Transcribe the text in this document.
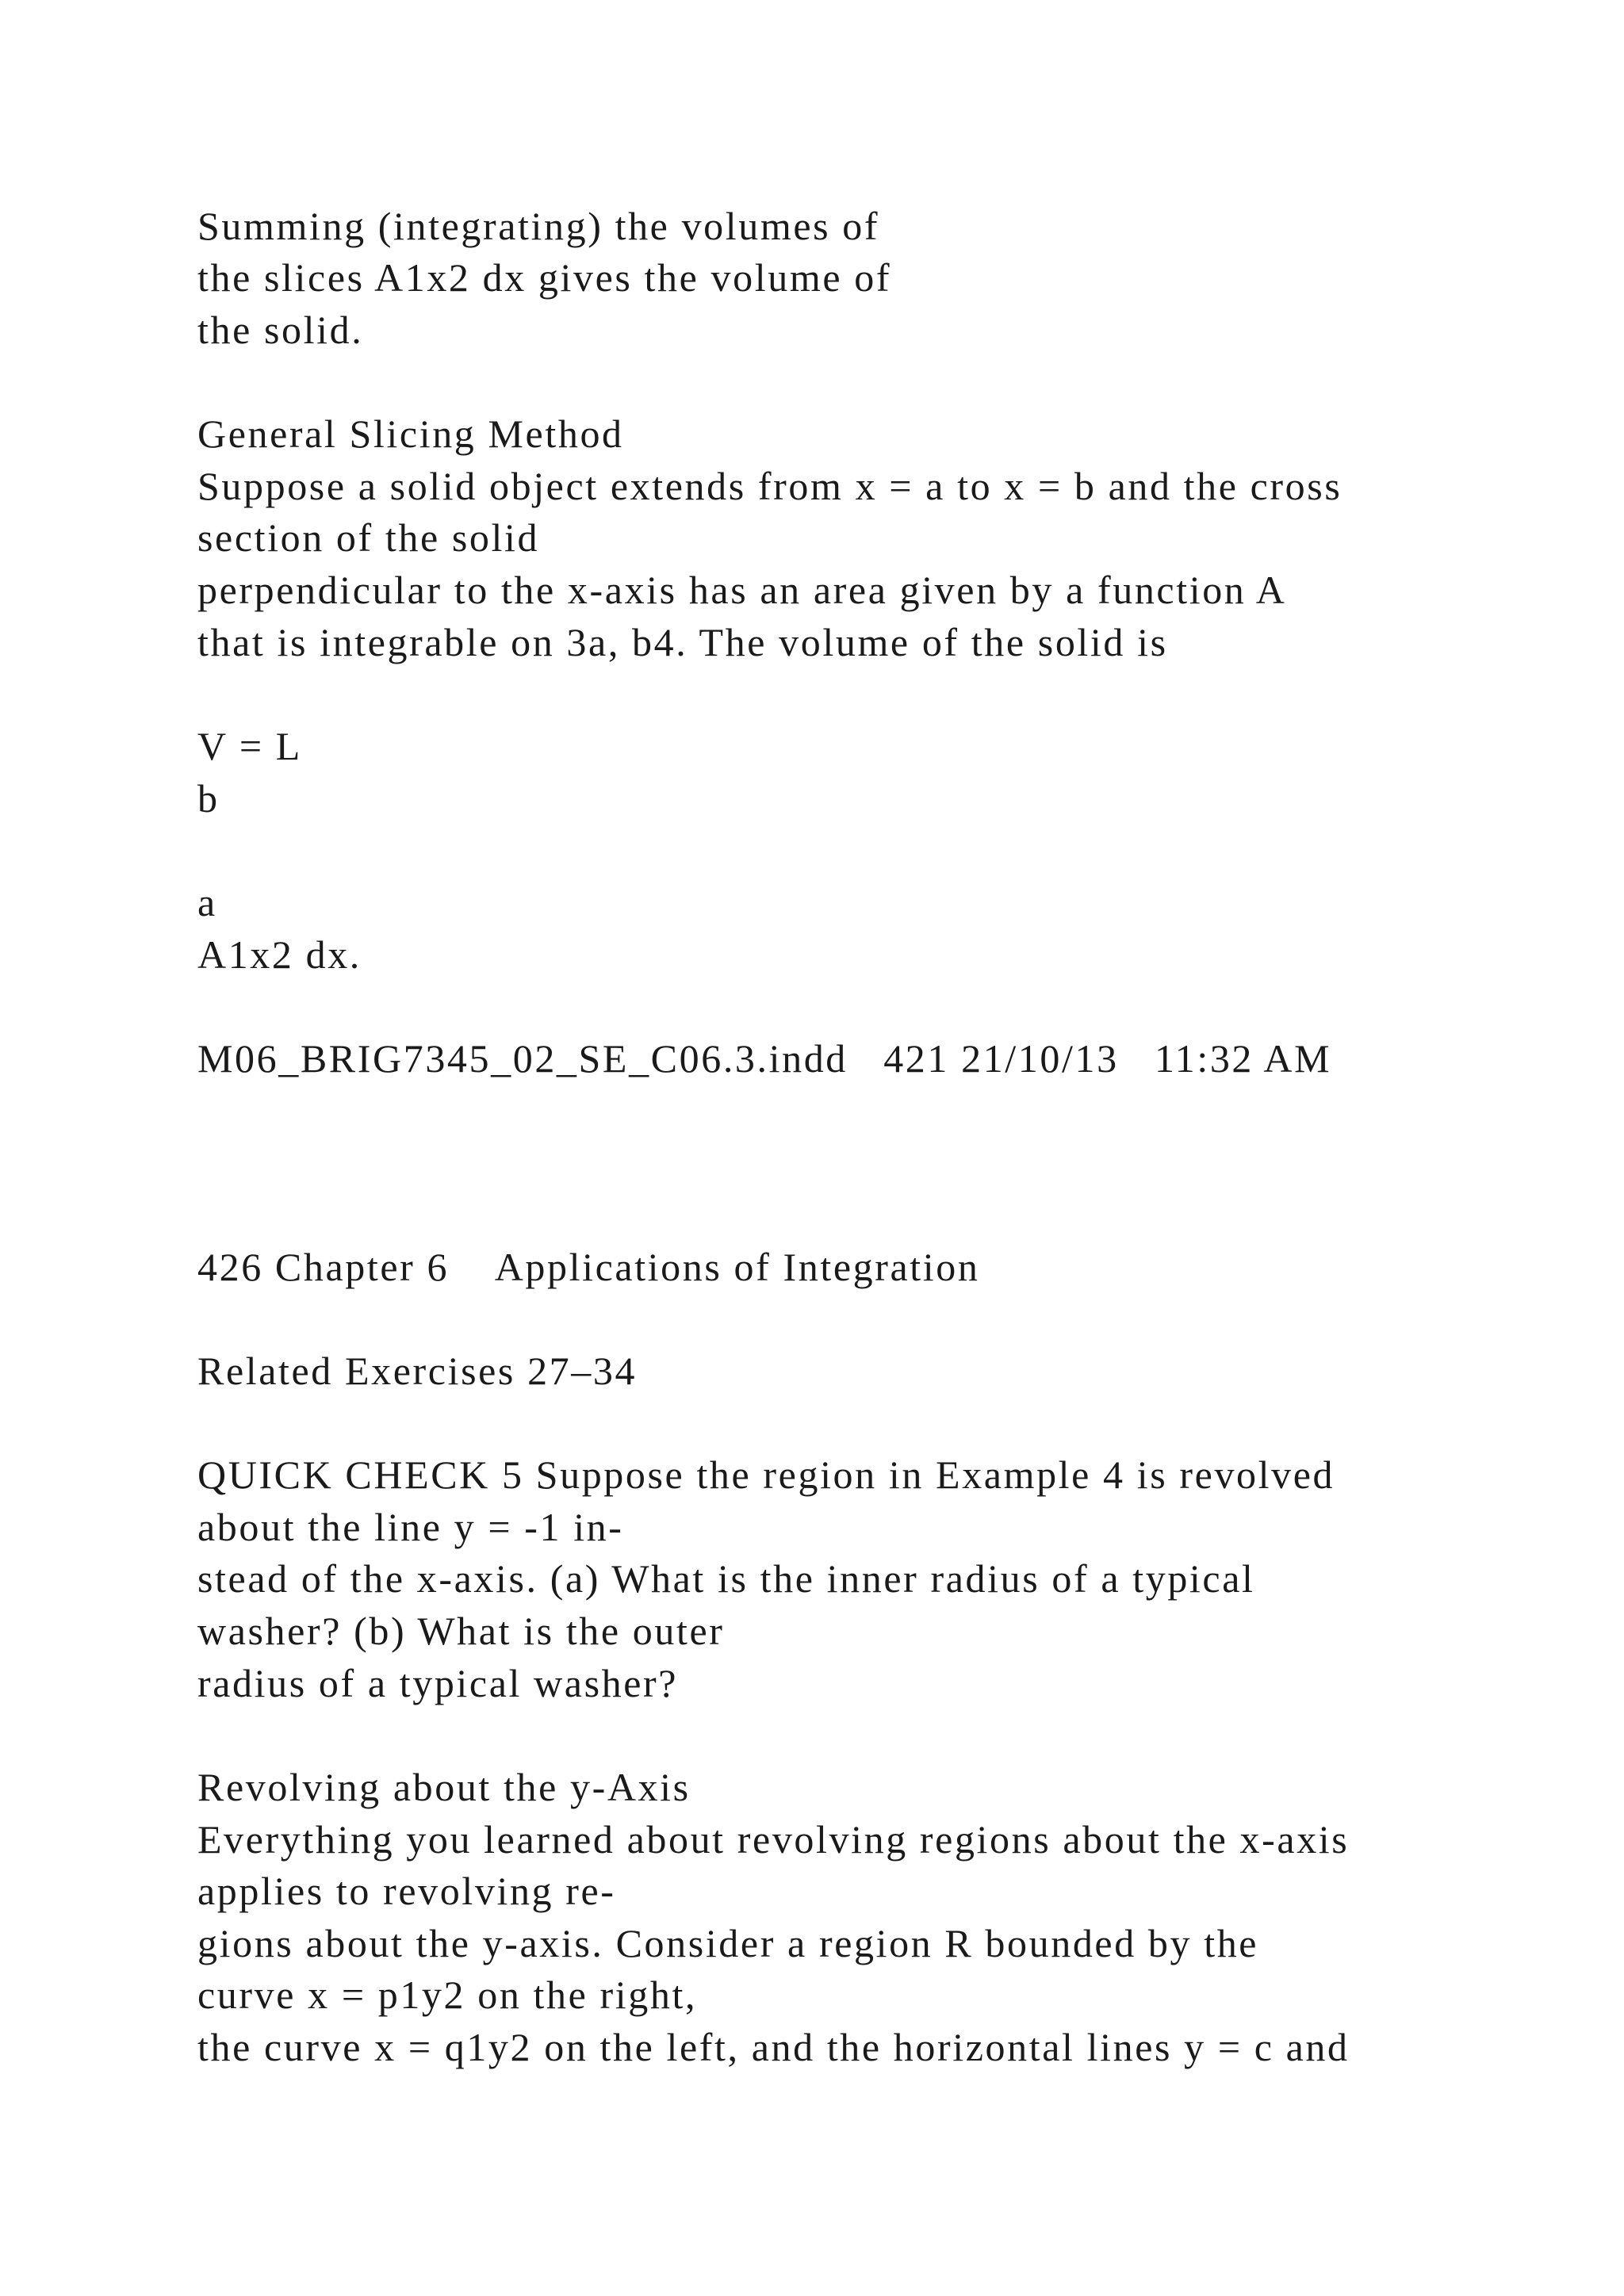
Summing (integrating) the volumes of

the slices A1x2 dx gives the volume of

the solid.

General Slicing Method

Suppose a solid object extends from x = a to x = b and the cross

section of the solid

perpendicular to the x-axis has an area given by a function A

that is integrable on 3a, b4. The volume of the solid is

V = L

b

a

A1x2 dx.

M06_BRIG7345_02_SE_C06.3.indd   421 21/10/13   11:32 AM

426 Chapter 6    Applications of Integration

Related Exercises 27–34

QUICK CHECK 5 Suppose the region in Example 4 is revolved

about the line y = -1 in-

stead of the x-axis. (a) What is the inner radius of a typical

washer? (b) What is the outer

radius of a typical washer?

Revolving about the y-Axis

Everything you learned about revolving regions about the x-axis

applies to revolving re-

gions about the y-axis. Consider a region R bounded by the

curve x = p1y2 on the right,

the curve x = q1y2 on the left, and the horizontal lines y = c and
